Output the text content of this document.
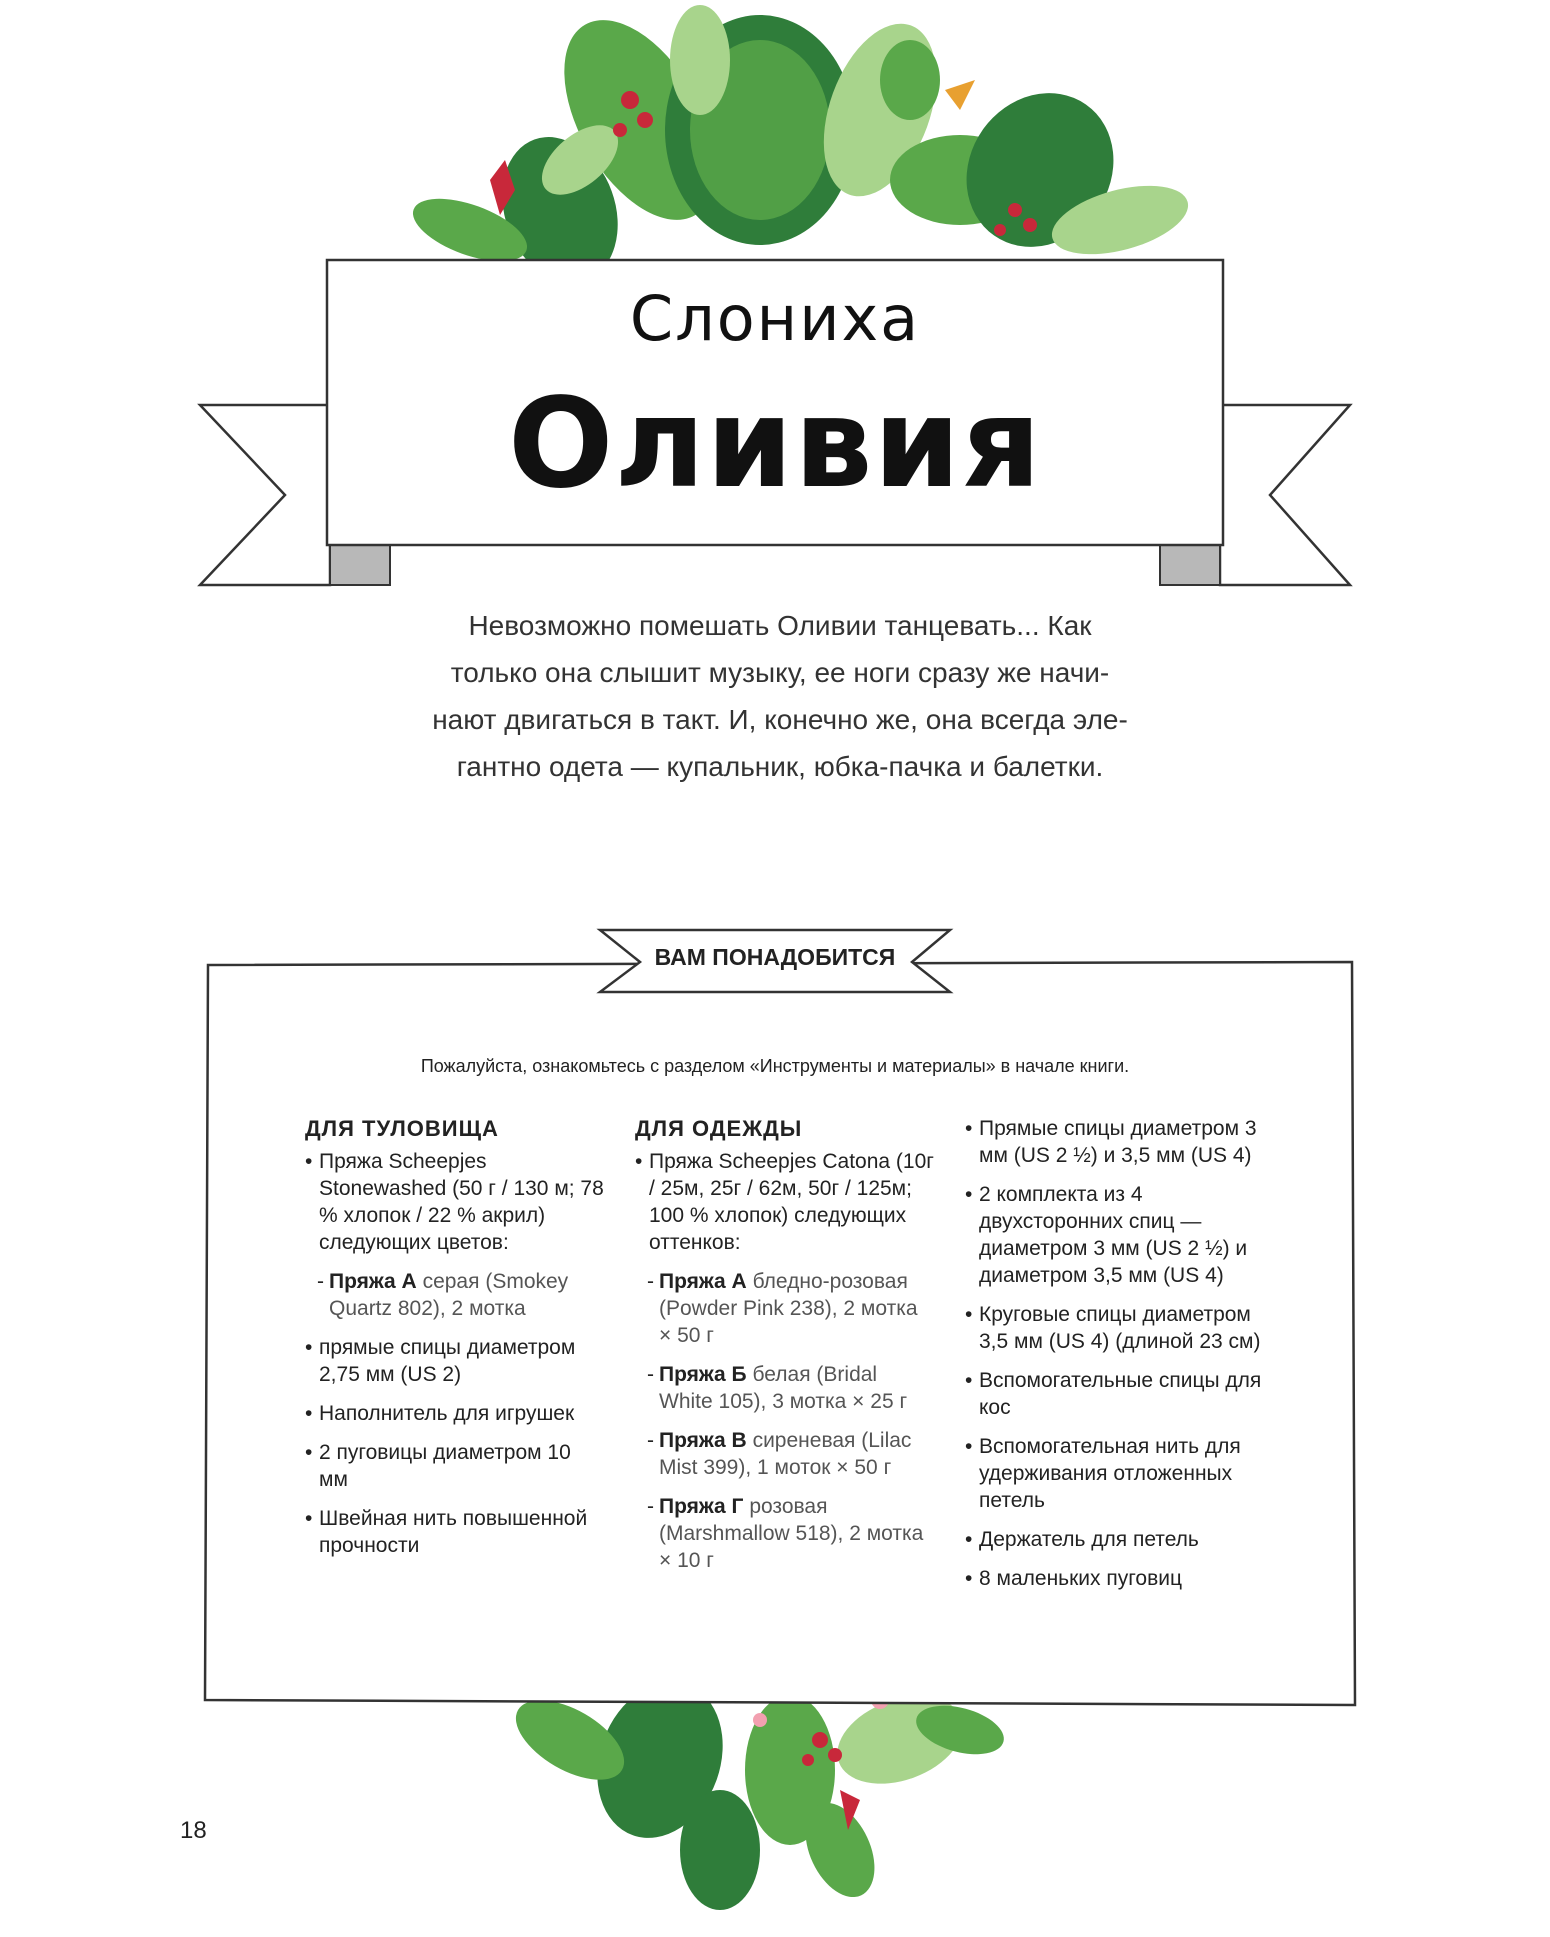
Слониха
Оливия
Невозможно помешать Оливии танцевать... Как
только она слышит музыку, ее ноги сразу же начи-
нают двигаться в такт. И, конечно же, она всегда эле-
гантно одета — купальник, юбка-пачка и балетки.
ВАМ ПОНАДОБИТСЯ
Пожалуйста, ознакомьтесь с разделом «Инструменты и материалы» в начале книги.
ДЛЯ ТУЛОВИЩА
• Пряжа Scheepjes Stonewashed (50 г / 130 м; 78 % хлопок / 22 % акрил) следующих цветов:
- Пряжа А серая (Smokey Quartz 802), 2 мотка
• прямые спицы диаметром 2,75 мм (US 2)
• Наполнитель для игрушек
• 2 пуговицы диаметром 10 мм
• Швейная нить повышенной прочности
ДЛЯ ОДЕЖДЫ
• Пряжа Scheepjes Catona (10г / 25м, 25г / 62м, 50г / 125м; 100 % хлопок) следующих оттенков:
- Пряжа А бледно-розовая (Powder Pink 238), 2 мотка × 50 г
- Пряжа Б белая (Bridal White 105), 3 мотка × 25 г
- Пряжа В сиреневая (Lilac Mist 399), 1 моток × 50 г
- Пряжа Г розовая (Marshmallow 518), 2 мотка × 10 г
• Прямые спицы диаметром 3 мм (US 2 ½) и 3,5 мм (US 4)
• 2 комплекта из 4 двухсторонних спиц — диаметром 3 мм (US 2 ½) и диаметром 3,5 мм (US 4)
• Круговые спицы диаметром 3,5 мм (US 4) (длиной 23 см)
• Вспомогательные спицы для кос
• Вспомогательная нить для удерживания отложенных петель
• Держатель для петель
• 8 маленьких пуговиц
18
